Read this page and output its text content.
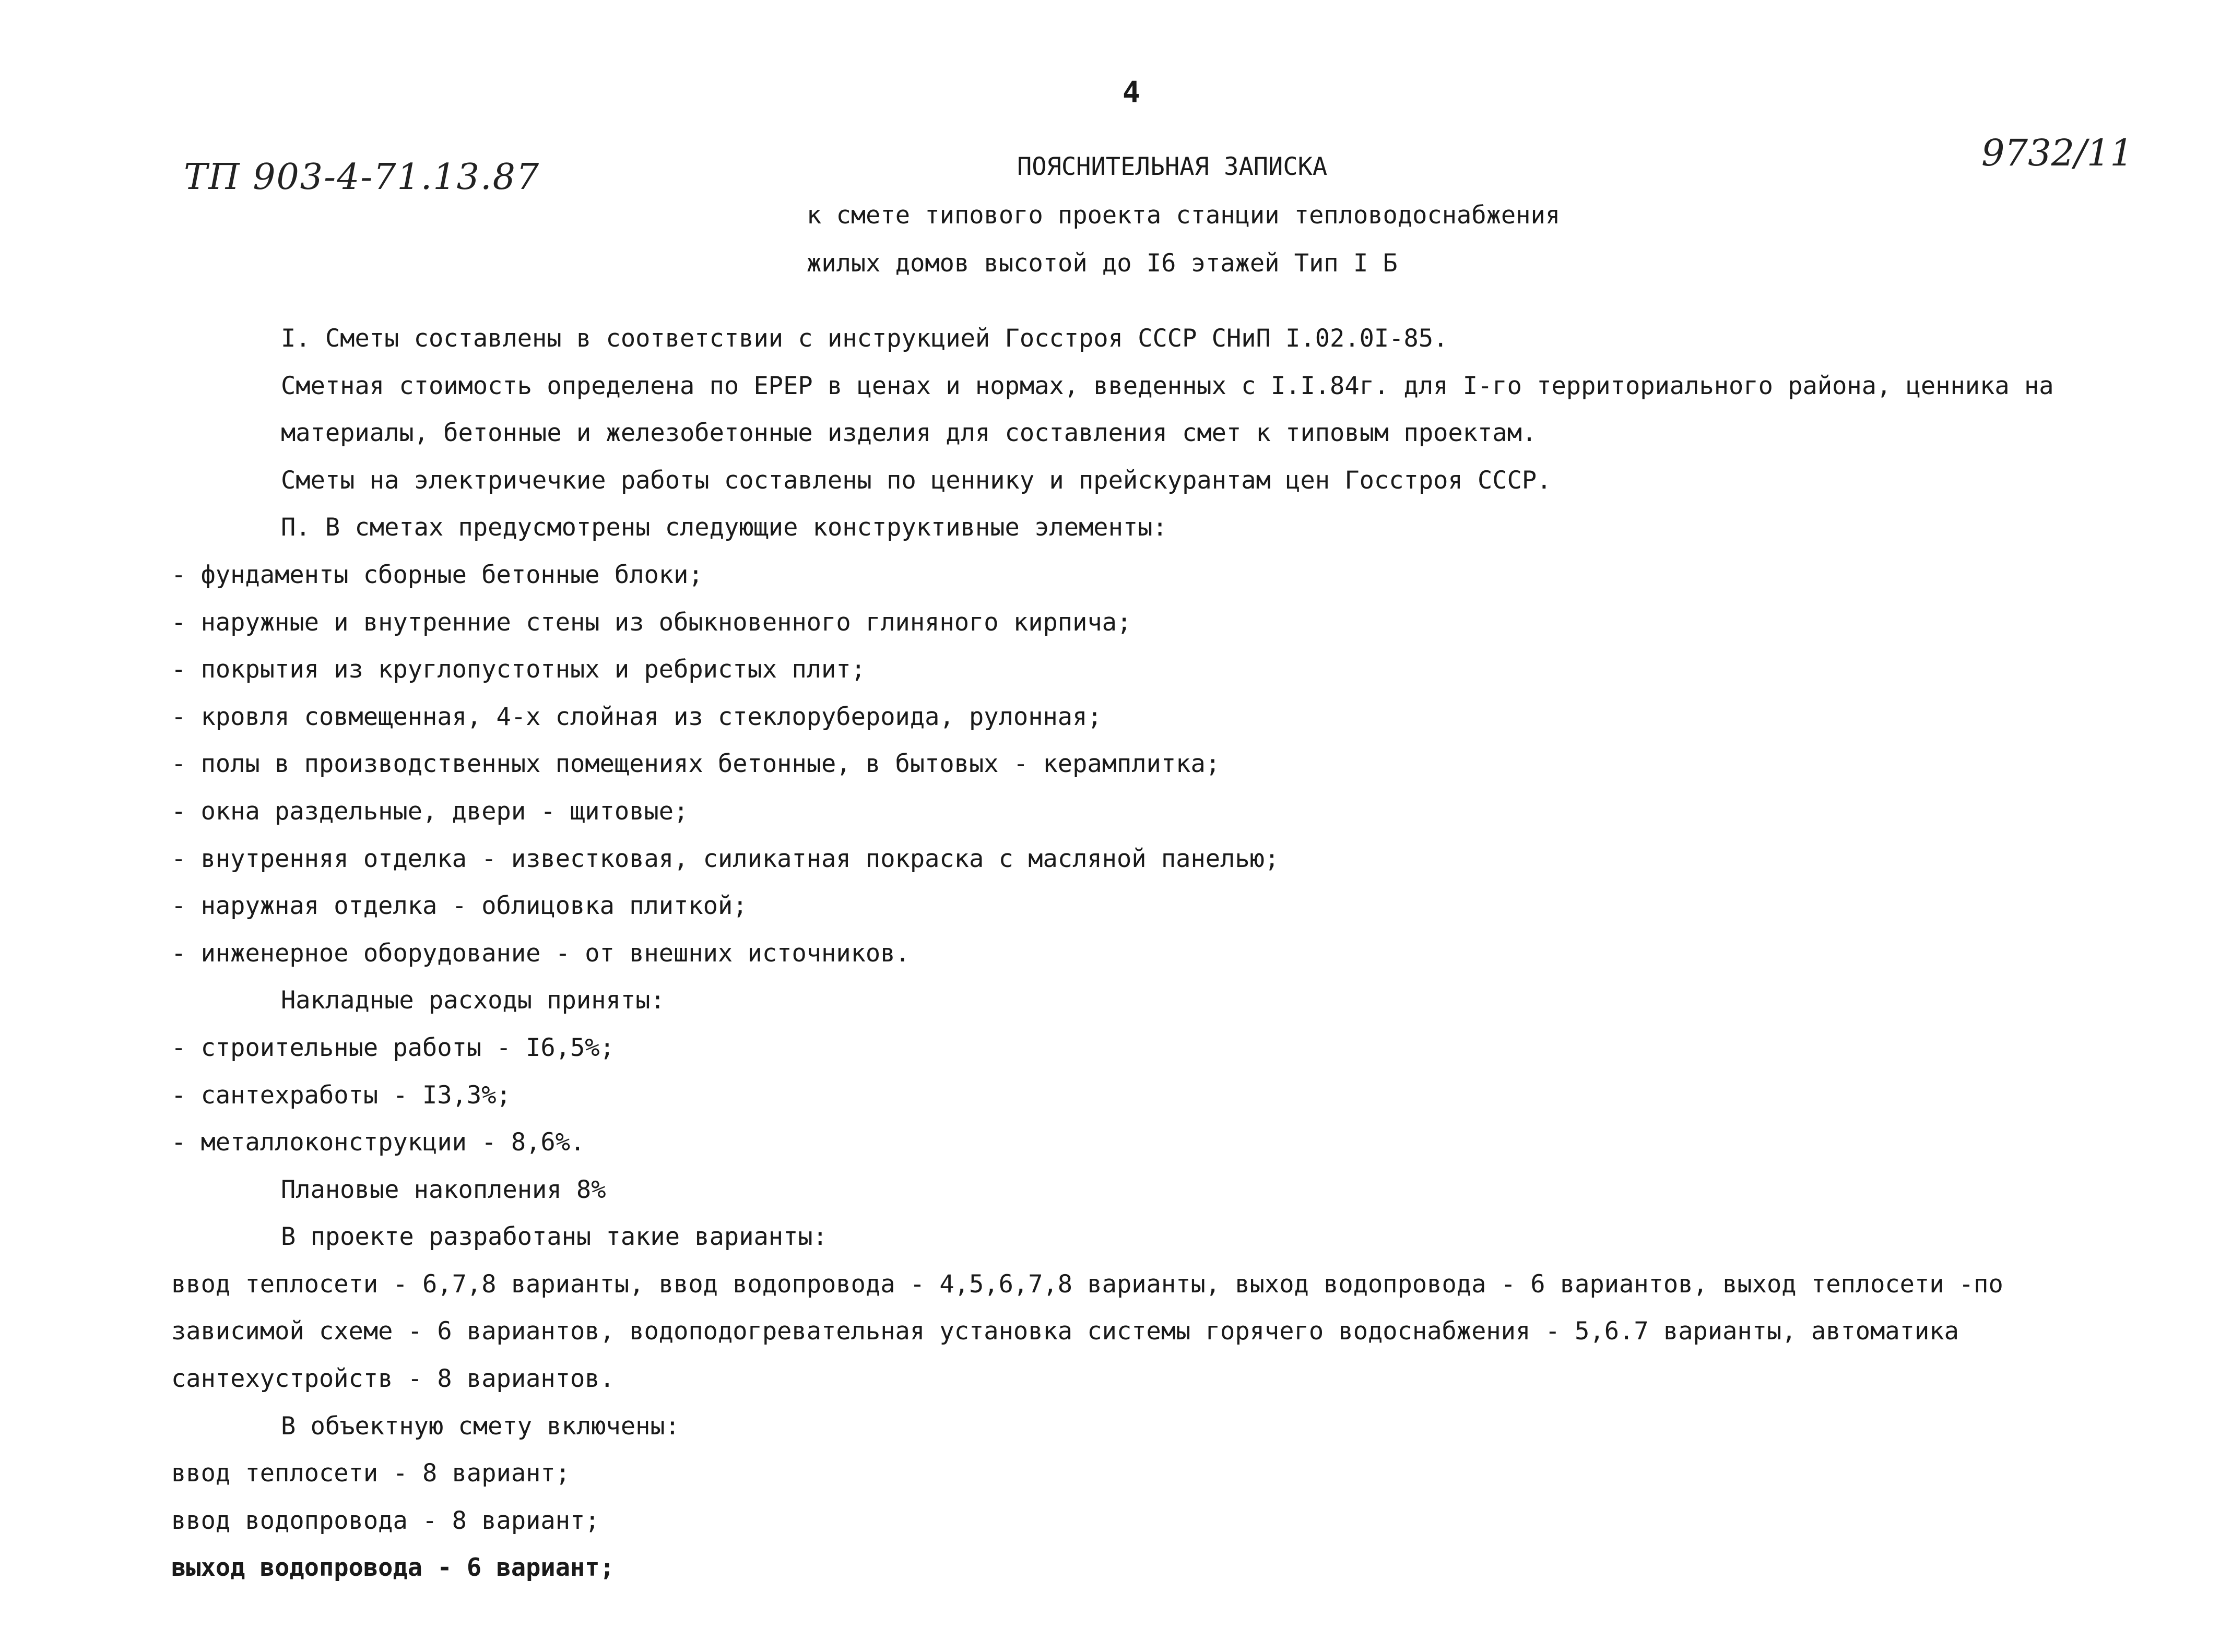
4
ТП 903-4-71.13.87
9732/11
ПОЯСНИТЕЛЬНАЯ ЗАПИСКА
к смете типового проекта станции тепловодоснабжения
жилых домов высотой до I6 этажей Тип I Б

I. Сметы составлены в соответствии с инструкцией Госстроя СССР СНиП I.02.0I-85.

Сметная стоимость определена по ЕРЕР в ценах и нормах, введенных с I.I.84г. для I-го территориального района, ценника на материалы, бетонные и железобетонные изделия для составления смет к типовым проектам.

Сметы на электричечкие работы составлены по ценнику и прейскурантам цен Госстроя СССР.

П. В сметах предусмотрены следующие конструктивные элементы:

- фундаменты сборные бетонные блоки;

- наружные и внутренние стены из обыкновенного глиняного кирпича;

- покрытия из круглопустотных и ребристых плит;

- кровля совмещенная, 4-х слойная из стеклорубероида, рулонная;

- полы в производственных помещениях бетонные, в бытовых - керамплитка;

- окна раздельные, двери - щитовые;

- внутренняя отделка - известковая, силикатная покраска с масляной панелью;

- наружная отделка - облицовка плиткой;

- инженерное оборудование - от внешних источников.

Накладные расходы приняты:

- строительные работы - I6,5%;

- сантехработы - I3,3%;

- металлоконструкции - 8,6%.

Плановые накопления 8%

В проекте разработаны такие варианты:

ввод теплосети - 6,7,8 варианты, ввод водопровода - 4,5,6,7,8 варианты, выход водопровода - 6 вариантов, выход теплосети -по зависимой схеме - 6 вариантов, водоподогревательная установка системы горячего водоснабжения - 5,6.7 варианты, автоматика сантехустройств - 8 вариантов.

В объектную смету включены:

ввод теплосети - 8 вариант;

ввод водопровода - 8 вариант;

выход водопровода - 6 вариант;
